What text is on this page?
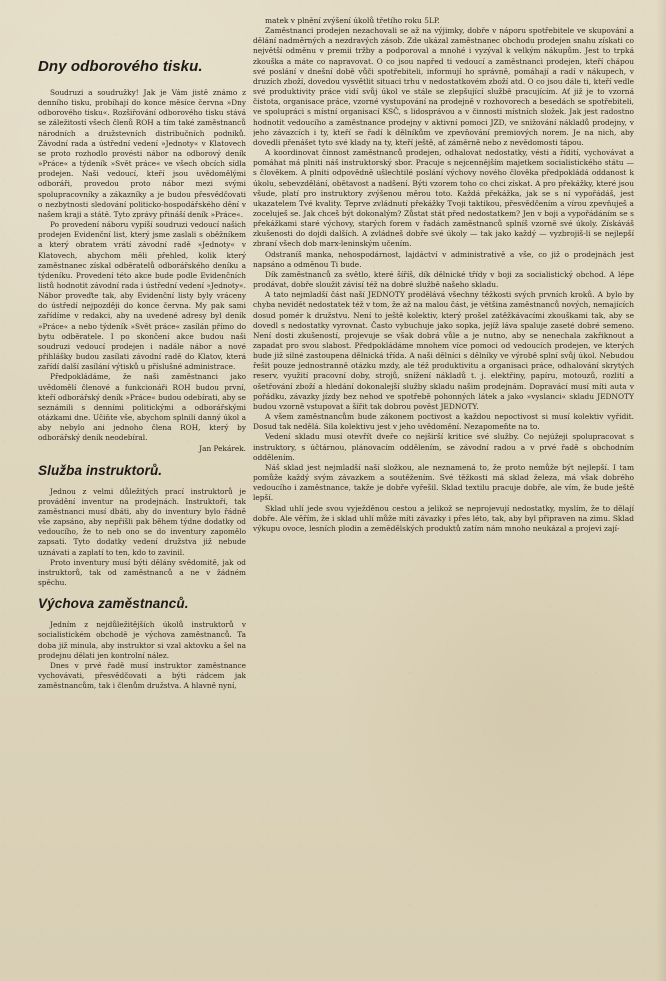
Dny odborového tisku.

Soudruzi a soudružky! Jak je Vám jistě známo z denního tisku, probíhají do konce měsíce června »Dny odborového tisku«. Rozšiřování odborového tisku stává se záležitostí všech členů ROH a tím také zaměstnanců národních a družstevních distribučních podniků. Závodní rada a ústřední vedení »Jednoty« v Klatovech se proto rozhodlo provésti nábor na odborový deník »Práce« a týdeník »Svět práce« ve všech obcích sídla prodejen. Naši vedoucí, kteří jsou uvědomělými odboráři, provedou proto nábor mezi svými spolupracovníky a zákazníky a je budou přesvědčovati o nezbytnosti sledování politicko-hospodářského dění v našem kraji a státě. Tyto zprávy přináší deník »Práce«.

Po provedení náboru vypíší soudruzi vedoucí našich prodejen Evidenční list, který jsme zaslali s oběžníkem a který obratem vrátí závodní radě »Jednoty« v Klatovech, abychom měli přehled, kolik který zaměstnanec získal odběratelů odborářského deníku a týdeníku. Provedení této akce bude podle Evidenčních listů hodnotit závodní rada i ústřední vedení »Jednoty«. Nábor proveďte tak, aby Evidenční listy byly vráceny do ústředí nejpozději do konce června. My pak sami zařídíme v redakci, aby na uvedené adresy byl deník »Práce« a nebo týdeník »Svět práce« zasílán přímo do bytu odběratele. I po skončení akce budou naši soudruzi vedoucí prodejen i nadále nábor a nové přihlášky budou zasílati závodní radě do Klatov, která zařídí další zasílání výtisků u příslušné administrace.

Předpokládáme, že naši zaměstnanci jako uvědomělí členové a funkcionáři ROH budou první, kteří odborářský deník »Práce« budou odebírati, aby se seznámili s denními politickými a odborářskými otázkami dne. Učiňte vše, abychom splnili danný úkol a aby nebylo ani jednoho člena ROH, který by odborářský deník neodebíral.

Jan Pekárek.
Služba instruktorů.

Jednou z velmi důležitých prací instruktorů je provádění inventur na prodejnách. Instruktoři, tak zaměstnanci musí dbáti, aby do inventury bylo řádně vše zapsáno, aby nepřišli pak během týdne dodatky od vedoucího, že to neb ono se do inventury zapomělo zapsati. Tyto dodatky vedení družstva již nebude uznávati a zaplatí to ten, kdo to zavinil.

Proto inventury musí býti dělány svědomitě, jak od instruktorů, tak od zaměstnanců a ne v žádném spěchu.

Výchova zaměstnanců.

Jedním z nejdůležitějších úkolů instruktorů v socialistickém obchodě je výchova zaměstnanců. Ta doba již minula, aby instruktor si vzal aktovku a šel na prodejnu dělati jen kontrolní nález.

Dnes v prvé řadě musí instruktor zaměstnance vychovávati, přesvědčovati a býti rádcem jak zaměstnancům, tak i členům družstva. A hlavně nyní,

matek v plnění zvýšení úkolů třetího roku 5LP.

Zaměstnanci prodejen nezachovali se až na výjimky, dobře v náporu spotřebitele ve skupování a dělání nadměrných a nezdravých zásob. Zde ukázal zaměstnanec obchodu prodejen snahu získati co největší odměnu v premii tržby a podporoval a mnohé i vyzýval k velkým nákupům. Jest to trpká zkouška a máte co napravovat. O co jsou napřed ti vedoucí a zaměstnanci prodejen, kteří chápou své poslání v dnešní době vůči spotřebiteli, informují ho správně, pomáhají a radí v nákupech, v druzích zboží, dovedou vysvětlit situaci trhu v nedostatkovém zboží atd. O co jsou dále ti, kteří vedle své produktivity práce vidí svůj úkol ve stále se zlepšující službě pracujícím. Ať již je to vzorná čistota, organisace práce, vzorné vystupování na prodejně v rozhovorech a besedách se spotřebiteli, ve spolupráci s místní organisací KSČ, s lidosprávou a v činnosti místních složek. Jak jest radostno hodnotit vedoucího a zaměstnance prodejny v aktivní pomoci JZD, ve snižování nákladů prodejny, v jeho závazcích i ty, kteří se řadí k dělníkům ve zpevňování premiových norem. Je na nich, aby dovedli přenášet tyto své klady na ty, kteří ještě, ať záměrně nebo z nevědomosti tápou.

A koordinovat činnost zaměstnanců prodejen, odhalovat nedostatky, vésti a řídití, vychovávat a pomáhat má plniti náš instruktorský sbor. Pracuje s nejcennějším majetkem socialistického státu — s člověkem. A plniti odpovědně ušlechtilé poslání výchovy nového člověka předpokládá oddanost k úkolu, sebevzdělání, obětavost a nadšení. Býti vzorem toho co chci získat. A pro překážky, které jsou všude, platí pro instruktory zvýšenou měrou toto. Každá překážka, jak se s ní vypořádáš, jest ukazatelem Tvé kvality. Teprve zvládnutí překážky Tvoji taktikou, přesvědčením a vírou zpevňuješ a zoceluješ se. Jak chceš být dokonalým? Zůstat stát před nedostatkem? Jen v boji a vypořádáním se s překážkami staré výchovy, starých forem v řadách zaměstnanců splníš vzorně své úkoly. Získáváš zkušenosti do dojdi dalších. A zvládneš dobře své úkoly — tak jako každý — vyzbrojiš-li se nejlepší zbraní všech dob marx-leninským učením.

Odstraníš manka, nehospodárnost, lajdáctví v administrativě a vše, co již o prodejnách jest napsáno a odměnou Ti bude.

Dík zaměstnanců za světlo, které šíříš, dík dělnické třídy v boji za socialistický obchod. A lépe prodávat, dobře sloužit závisí též na dobré službě našeho skladu.

A tato nejmladší část naší JEDNOTY prodělává všechny těžkosti svých prvních kroků. A bylo by chyba nevidět nedostatek též v tom, že až na malou část, je většina zaměstnanců nových, nemajících dosud pomér k družstvu. Není to ještě kolektiv, který prošel zatěžkávacími zkouškami tak, aby se dovedl s nedostatky vyrovnat. Často vybuchuje jako sopka, jejíž láva spaluje zaseté dobré semeno. Není dosti zkušeností, projevuje se však dobrá vůle a je nutno, aby se nenechala zakřiknout a zapadat pro svou slabost. Předpokládáme mnohem více pomoci od vedoucích prodejen, ve kterých bude již silné zastoupena dělnická třída. A naši dělníci s dělníky ve výrobě splní svůj úkol. Nebudou řešit pouze jednostranně otázku mzdy, ale též produktivitu a organisaci práce, odhalování skrytých reserv, využití pracovní doby, strojů, snížení nákladů t. j. elektřiny, papíru, motouzů, rozlití a ošetřování zboží a hledání dokonalejší služby skladu našim prodejnám. Dopravácí musí míti auta v pořádku, závazky jízdy bez nehod ve spotřebě pohonných látek a jako »vyslanci« skladu JEDNOTY budou vzorně vstupovat a šířit tak dobrou pověst JEDNOTY.

A všem zaměstnancům bude zákonem poctivost a každou nepoctivost si musí kolektiv vyřídit. Dosud tak nedělá. Sila kolektivu jest v jeho uvědomění. Nezapomeňte na to.

Vedení skladu musí otevřít dveře co nejširší kritice své služby. Co nejúžeji spolupracovat s instruktory, s účtárnou, plánovacím oddělením, se závodní radou a v prvé řadě s obchodním oddělením.

Náš sklad jest nejmladší naší složkou, ale neznamená to, že proto nemůže být nejlepší. I tam pomůže každý svým závazkem a soutěžením. Své těžkosti má sklad železa, má však dobrého vedoucího i zaměstnance, takže je dobře vyřešil. Sklad textilu pracuje dobře, ale vím, že bude ještě lepší.

Sklad uhlí jede svou vyježděnou cestou a jelikož se neprojevují nedostatky, myslím, že to dělají dobře. Ale věřím, že i sklad uhlí může míti závazky i přes léto, tak, aby byl připraven na zimu. Sklad výkupu ovoce, lesních plodin a zemědělských produktů zatím nám mnoho neukázal a projevi zají-
